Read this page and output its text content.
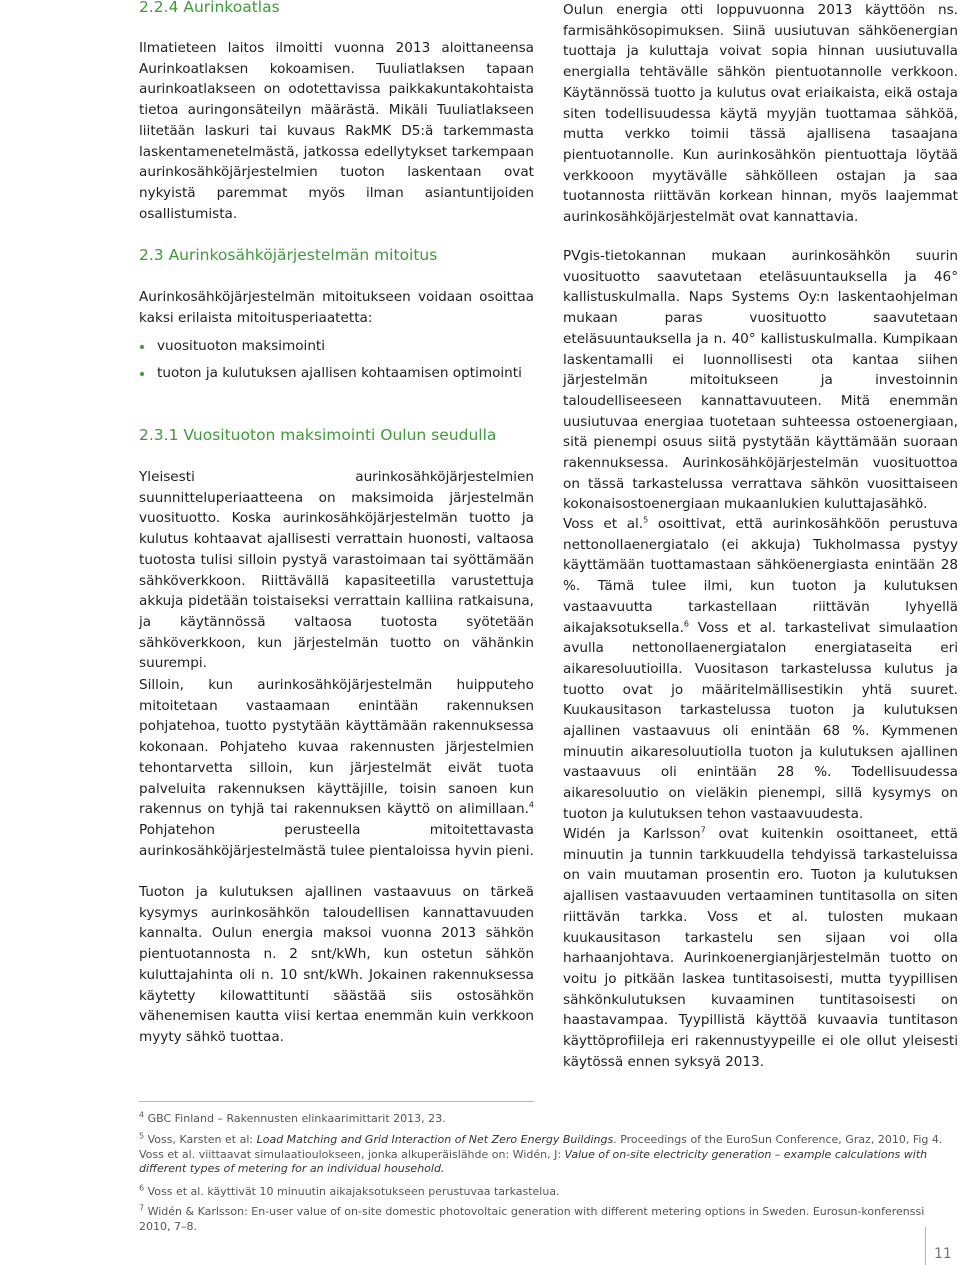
2.2.4 Aurinkoatlas

Ilmatieteen laitos ilmoitti vuonna 2013 aloittaneensa Aurinkoatlaksen kokoamisen. Tuuliatlaksen tapaan aurinkoatlakseen on odotettavissa paikkakuntakohtaista tietoa auringonsäteilyn määrästä. Mikäli Tuuliatlakseen liitetään laskuri tai kuvaus RakMK D5:ä tarkemmasta laskentamenetelmästä, jatkossa edellytykset tarkempaan aurinkosähköjärjestelmien tuoton laskentaan ovat nykyistä paremmat myös ilman asiantuntijoiden osallistumista.

2.3 Aurinkosähköjärjestelmän mitoitus

Aurinkosähköjärjestelmän mitoitukseen voidaan osoittaa kaksi erilaista mitoitusperiaatetta:

vuosituoton maksimointi
tuoton ja kulutuksen ajallisen kohtaamisen optimointi
2.3.1 Vuosituoton maksimointi Oulun seudulla

Yleisesti aurinkosähköjärjestelmien suunnitteluperiaatteena on maksimoida järjestelmän vuosituotto. Koska aurinkosähköjärjestelmän tuotto ja kulutus kohtaavat ajallisesti verrattain huonosti, valtaosa tuotosta tulisi silloin pystyä varastoimaan tai syöttämään sähköverkkoon. Riittävällä kapasiteetilla varustettuja akkuja pidetään toistaiseksi verrattain kalliina ratkaisuna, ja käytännössä valtaosa tuotosta syötetään sähköverkkoon, kun järjestelmän tuotto on vähänkin suurempi.

Silloin, kun aurinkosähköjärjestelmän huipputeho mitoitetaan vastaamaan enintään rakennuksen pohjatehoa, tuotto pystytään käyttämään rakennuksessa kokonaan. Pohjateho kuvaa rakennusten järjestelmien tehontarvetta silloin, kun järjestelmät eivät tuota palveluita rakennuksen käyttäjille, toisin sanoen kun rakennus on tyhjä tai rakennuksen käyttö on alimillaan.$^4$ Pohjatehon perusteella mitoitettavasta aurinkosähköjärjestelmästä tulee pientaloissa hyvin pieni.

Tuoton ja kulutuksen ajallinen vastaavuus on tärkeä kysymys aurinkosähkön taloudellisen kannattavuuden kannalta. Oulun energia maksoi vuonna 2013 sähkön pientuotannosta n. 2 snt/kWh, kun ostetun sähkön kuluttajahinta oli n. 10 snt/kWh. Jokainen rakennuksessa käytetty kilowattitunti säästää siis ostosähkön vähenemisen kautta viisi kertaa enemmän kuin verkkoon myyty sähkö tuottaa.

Oulun energia otti loppuvuonna 2013 käyttöön ns. farmisähkösopimuksen. Siinä uusiutuvan sähköenergian tuottaja ja kuluttaja voivat sopia hinnan uusiutuvalla energialla tehtävälle sähkön pientuotannolle verkkoon. Käytännössä tuotto ja kulutus ovat eriaikaista, eikä ostaja siten todellisuudessa käytä myyjän tuottamaa sähköä, mutta verkko toimii tässä ajallisena tasaajana pientuotannolle. Kun aurinkosähkön pientuottaja löytää verkkooon myytävälle sähkölleen ostajan ja saa tuotannosta riittävän korkean hinnan, myös laajemmat aurinkosähköjärjestelmät ovat kannattavia.

PVgis-tietokannan mukaan aurinkosähkön suurin vuosituotto saavutetaan eteläsuuntauksella ja 46° kallistuskulmalla. Naps Systems Oy:n laskentaohjelman mukaan paras vuosituotto saavutetaan eteläsuuntauksella ja n. 40° kallistuskulmalla. Kumpikaan laskentamalli ei luonnollisesti ota kantaa siihen järjestelmän mitoitukseen ja investoinnin taloudelliseeseen kannattavuuteen. Mitä enemmän uusiutuvaa energiaa tuotetaan suhteessa ostoenergiaan, sitä pienempi osuus siitä pystytään käyttämään suoraan rakennuksessa. Aurinkosähköjärjestelmän vuosituottoa on tässä tarkastelussa verrattava sähkön vuosittaiseen kokonaisostoenergiaan mukaanlukien kuluttajasähkö.

Voss et al.$^5$ osoittivat, että aurinkosähköön perustuva nettonollaenergiatalo (ei akkuja) Tukholmassa pystyy käyttämään tuottamastaan sähköenergiasta enintään 28 %. Tämä tulee ilmi, kun tuoton ja kulutuksen vastaavuutta tarkastellaan riittävän lyhyellä aikajaksotuksella.$^6$ Voss et al. tarkastelivat simulaation avulla nettonollaenergiatalon energiataseita eri aikaresoluutioilla. Vuositason tarkastelussa kulutus ja tuotto ovat jo määritelmällisestikin yhtä suuret. Kuukausitason tarkastelussa tuoton ja kulutuksen ajallinen vastaavuus oli enintään 68 %. Kymmenen minuutin aikaresoluutiolla tuoton ja kulutuksen ajallinen vastaavuus oli enintään 28 %. Todellisuudessa aikaresoluutio on vieläkin pienempi, sillä kysymys on tuoton ja kulutuksen tehon vastaavuudesta.

Widén ja Karlsson$^7$ ovat kuitenkin osoittaneet, että minuutin ja tunnin tarkkuudella tehdyissä tarkasteluissa on vain muutaman prosentin ero. Tuoton ja kulutuksen ajallisen vastaavuuden vertaaminen tuntitasolla on siten riittävän tarkka. Voss et al. tulosten mukaan kuukausitason tarkastelu sen sijaan voi olla harhaanjohtava. Aurinkoenergianjärjestelmän tuotto on voitu jo pitkään laskea tuntitasoisesti, mutta tyypillisen sähkönkulutuksen kuvaaminen tuntitasoisesti on haastavampaa. Tyypillistä käyttöä kuvaavia tuntitason käyttöprofiileja eri rakennustyypeille ei ole ollut yleisesti käytössä ennen syksyä 2013.

$^4$ GBC Finland – Rakennusten elinkaarimittarit 2013, 23.
$^5$ Voss, Karsten et al: Load Matching and Grid Interaction of Net Zero Energy Buildings. Proceedings of the EuroSun Conference, Graz, 2010, Fig 4. Voss et al. viittaavat simulaatioulokseen, jonka alkuperäislähde on: Widén, J: Value of on-site electricity generation – example calculations with different types of metering for an individual household.
$^6$ Voss et al. käyttivät 10 minuutin aikajaksotukseen perustuvaa tarkastelua.
$^7$ Widén & Karlsson: En-user value of on-site domestic photovoltaic generation with different metering options in Sweden. Eurosun-konferenssi 2010, 7–8.
11
